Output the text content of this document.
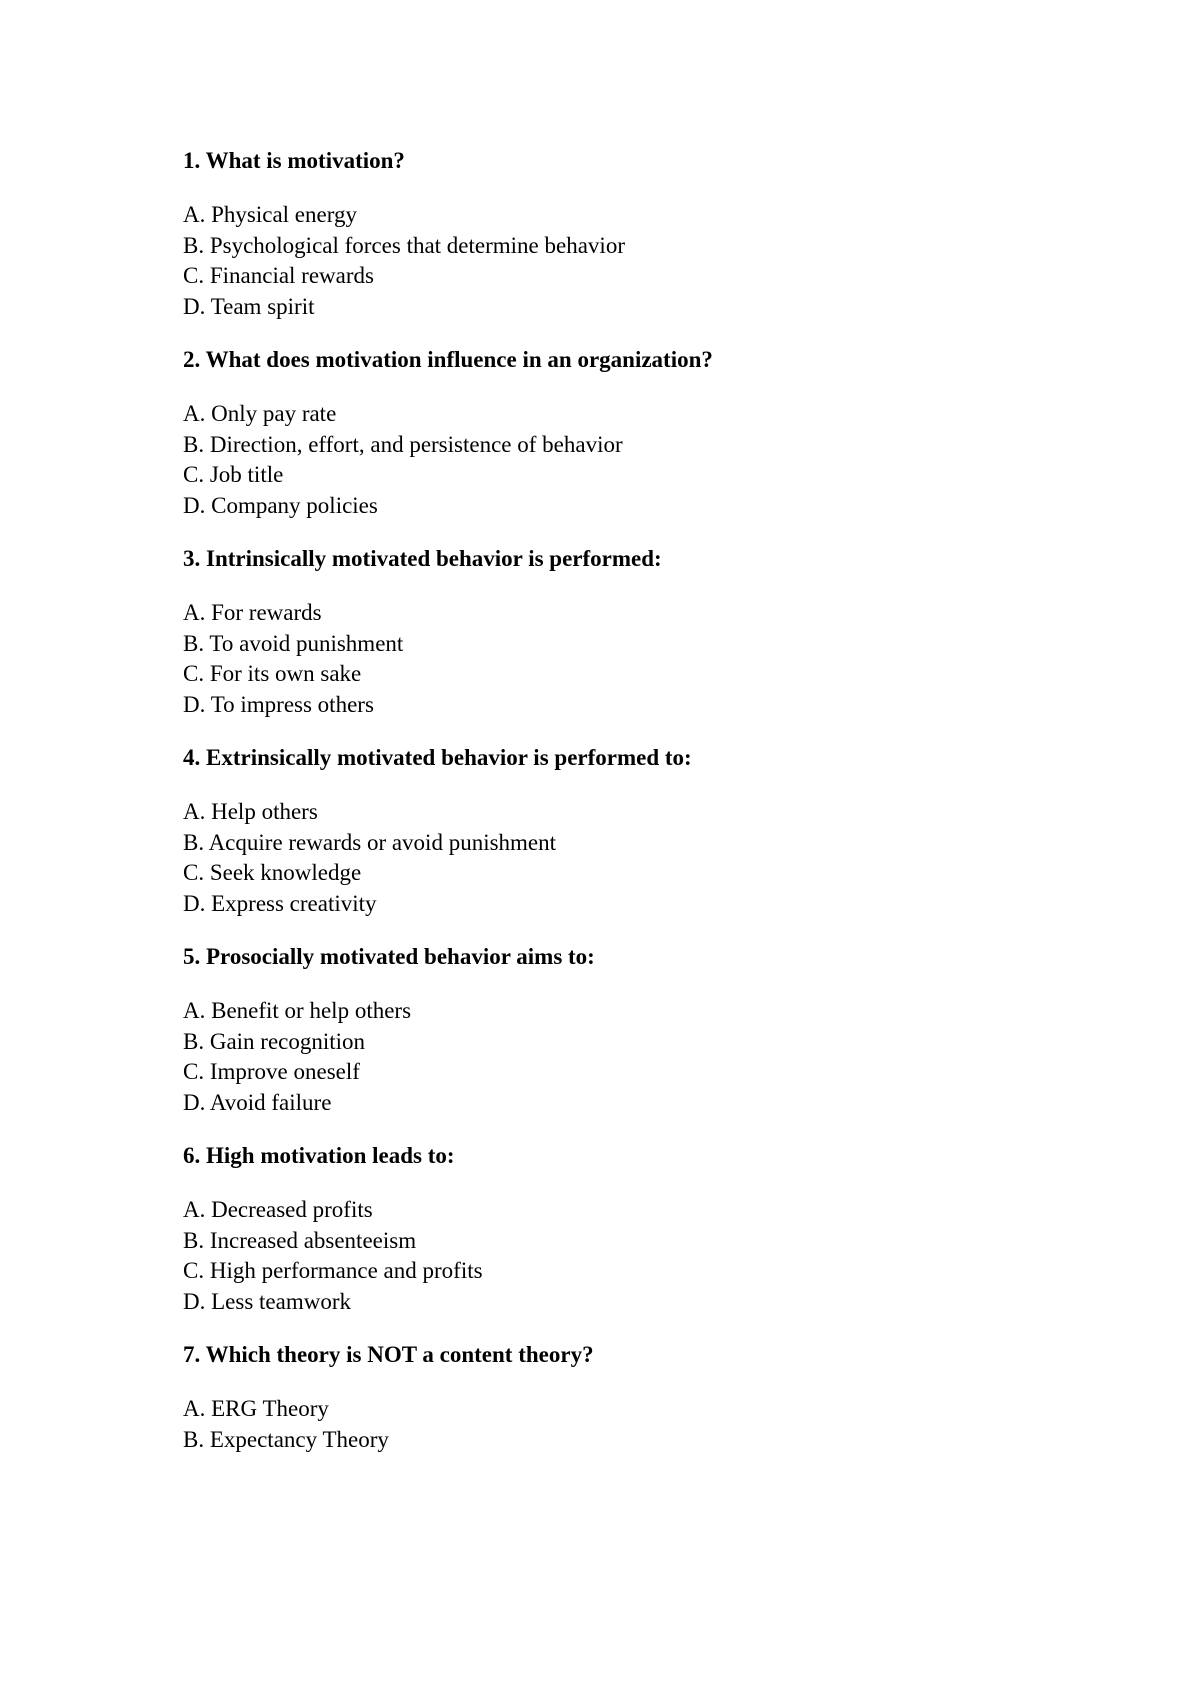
1. What is motivation?
A. Physical energy
B. Psychological forces that determine behavior
C. Financial rewards
D. Team spirit
2. What does motivation influence in an organization?
A. Only pay rate
B. Direction, effort, and persistence of behavior
C. Job title
D. Company policies
3. Intrinsically motivated behavior is performed:
A. For rewards
B. To avoid punishment
C. For its own sake
D. To impress others
4. Extrinsically motivated behavior is performed to:
A. Help others
B. Acquire rewards or avoid punishment
C. Seek knowledge
D. Express creativity
5. Prosocially motivated behavior aims to:
A. Benefit or help others
B. Gain recognition
C. Improve oneself
D. Avoid failure
6. High motivation leads to:
A. Decreased profits
B. Increased absenteeism
C. High performance and profits
D. Less teamwork
7. Which theory is NOT a content theory?
A. ERG Theory
B. Expectancy Theory
